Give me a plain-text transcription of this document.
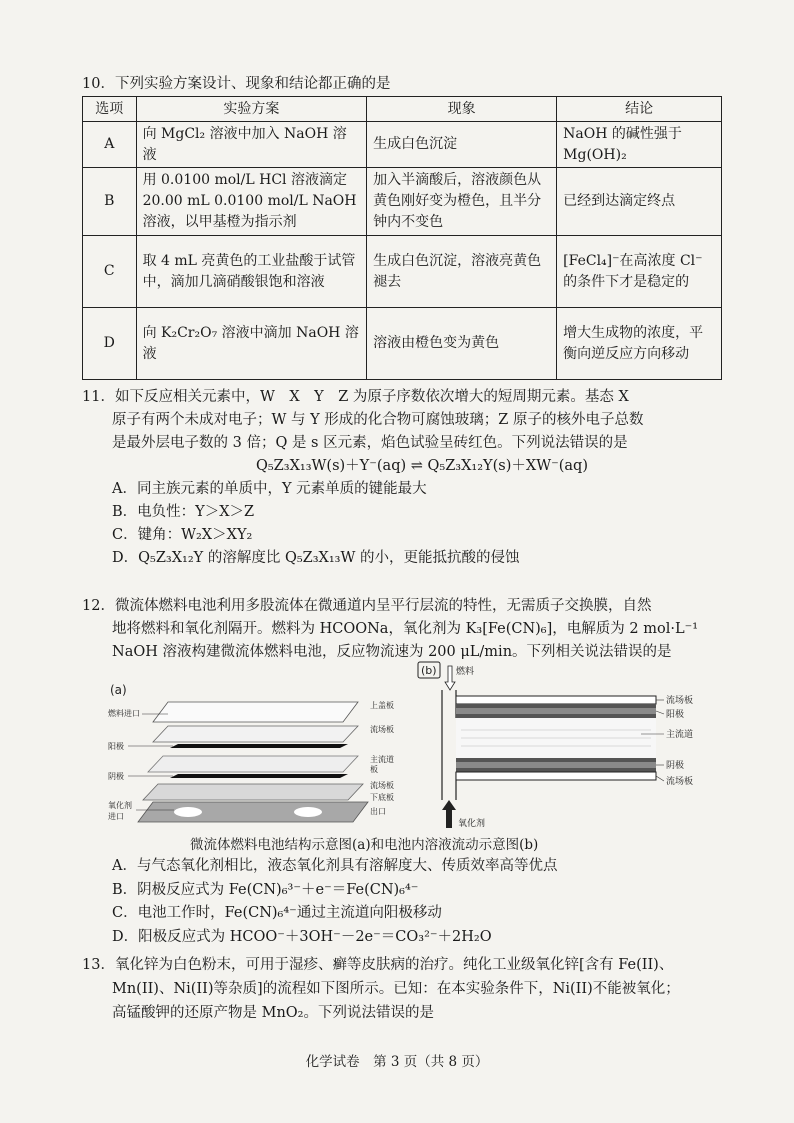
10．下列实验方案设计、现象和结论都正确的是
选项	实验方案	现象	结论
A	向 MgCl₂ 溶液中加入 NaOH 溶液	生成白色沉淀	NaOH 的碱性强于 Mg(OH)₂
B	用 0.0100 mol/L HCl 溶液滴定 20.00 mL 0.0100 mol/L NaOH 溶液，以甲基橙为指示剂	加入半滴酸后，溶液颜色从黄色刚好变为橙色，且半分钟内不变色	已经到达滴定终点
C	取 4 mL 亮黄色的工业盐酸于试管中，滴加几滴硝酸银饱和溶液	生成白色沉淀，溶液亮黄色褪去	[FeCl₄]⁻在高浓度 Cl⁻的条件下才是稳定的
D	向 K₂Cr₂O₇ 溶液中滴加 NaOH 溶液	溶液由橙色变为黄色	增大生成物的浓度，平衡向逆反应方向移动
11．如下反应相关元素中，W　X　Y　Z 为原子序数依次增大的短周期元素。基态 X
原子有两个未成对电子；W 与 Y 形成的化合物可腐蚀玻璃；Z 原子的核外电子总数
是最外层电子数的 3 倍；Q 是 s 区元素，焰色试验呈砖红色。下列说法错误的是
Q₅Z₃X₁₃W(s)＋Y⁻(aq) ⇌ Q₅Z₃X₁₂Y(s)＋XW⁻(aq)
A．同主族元素的单质中，Y 元素单质的键能最大
B．电负性：Y＞X＞Z
C．键角：W₂X＞XY₂
D．Q₅Z₃X₁₂Y 的溶解度比 Q₅Z₃X₁₃W 的小，更能抵抗酸的侵蚀
12．微流体燃料电池利用多股流体在微通道内呈平行层流的特性，无需质子交换膜，自然
地将燃料和氧化剂隔开。燃料为 HCOONa，氧化剂为 K₃[Fe(CN)₆]，电解质为 2 mol·L⁻¹
NaOH 溶液构建微流体燃料电池，反应物流速为 200 μL/min。下列相关说法错误的是
(a)
燃料进口
阳极
阴极
氧化剂
进口
上盖板
流场板
主流道
板
流场板
下底板
出口
(b) 燃料
氧化剂
流场板
阳极
主流道
阴极
流场板
微流体燃料电池结构示意图(a)和电池内溶液流动示意图(b)
A．与气态氧化剂相比，液态氧化剂具有溶解度大、传质效率高等优点
B．阴极反应式为 Fe(CN)₆³⁻＋e⁻＝Fe(CN)₆⁴⁻
C．电池工作时，Fe(CN)₆⁴⁻通过主流道向阳极移动
D．阳极反应式为 HCOO⁻＋3OH⁻－2e⁻＝CO₃²⁻＋2H₂O
13．氧化锌为白色粉末，可用于湿疹、癣等皮肤病的治疗。纯化工业级氧化锌[含有 Fe(II)、
Mn(II)、Ni(II)等杂质]的流程如下图所示。已知：在本实验条件下，Ni(II)不能被氧化；
高锰酸钾的还原产物是 MnO₂。下列说法错误的是
化学试卷　第 3 页（共 8 页）
